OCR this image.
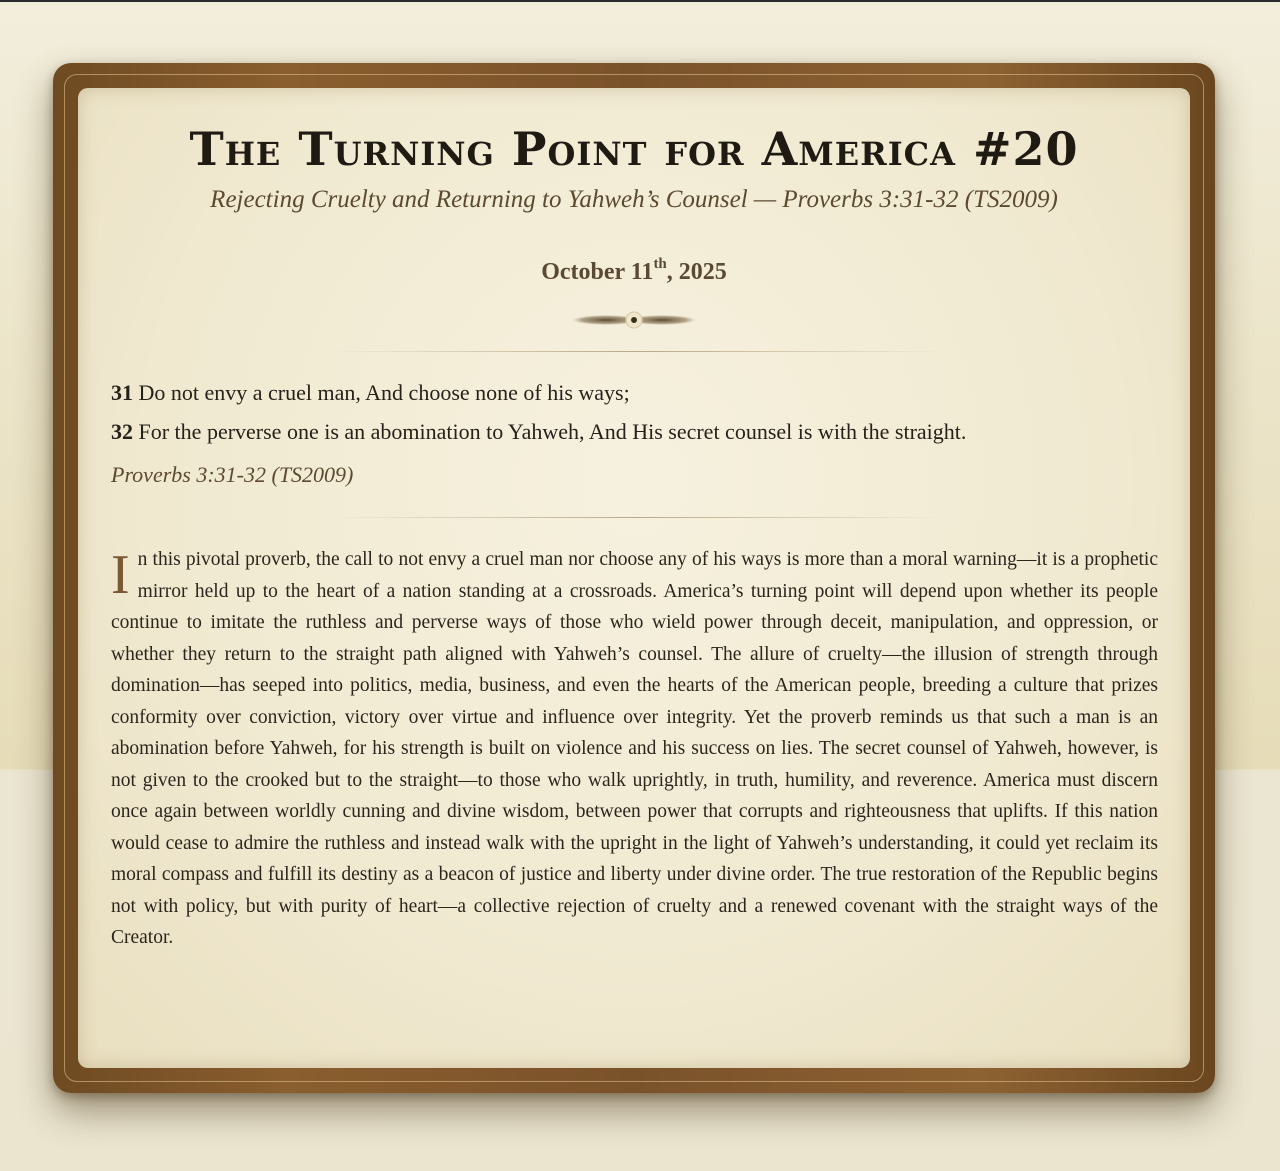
The Turning Point for America #20
Rejecting Cruelty and Returning to Yahweh’s Counsel — Proverbs 3:31-32 (TS2009)
October 11th, 2025
31 Do not envy a cruel man, And choose none of his ways;
32 For the perverse one is an abomination to Yahweh, And His secret counsel is with the straight.
Proverbs 3:31-32 (TS2009)

In this pivotal proverb, the call to not envy a cruel man nor choose any of his ways is more than a moral warning—it is a prophetic mirror held up to the heart of a nation standing at a crossroads. America’s turning point will depend upon whether its people continue to imitate the ruthless and perverse ways of those who wield power through deceit, manipulation, and oppression, or whether they return to the straight path aligned with Yahweh’s counsel. The allure of cruelty—the illusion of strength through domination—has seeped into politics, media, business, and even the hearts of the American people, breeding a culture that prizes conformity over conviction, victory over virtue and influence over integrity. Yet the proverb reminds us that such a man is an abomination before Yahweh, for his strength is built on violence and his success on lies. The secret counsel of Yahweh, however, is not given to the crooked but to the straight—to those who walk uprightly, in truth, humility, and reverence. America must discern once again between worldly cunning and divine wisdom, between power that corrupts and righteousness that uplifts. If this nation would cease to admire the ruthless and instead walk with the upright in the light of Yahweh’s understanding, it could yet reclaim its moral compass and fulfill its destiny as a beacon of justice and liberty under divine order. The true restoration of the Republic begins not with policy, but with purity of heart—a collective rejection of cruelty and a renewed covenant with the straight ways of the Creator.
